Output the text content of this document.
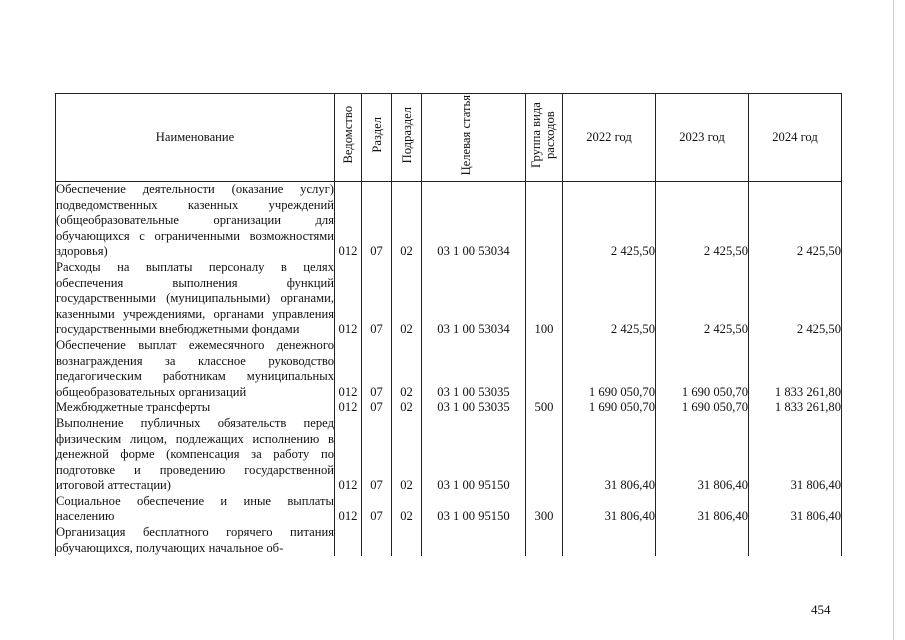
Наименование	Ведомство	Раздел	Подраздел	Целевая статья	Группа вида расходов	2022 год	2023 год	2024 год
Обеспечение деятельности (оказание услуг) подведомственных казенных учреждений (общеобразовательные организации для обучающихся с ограниченными возможностями здоровья)	012	07	02	03 1 00 53034		2 425,50	2 425,50	2 425,50
Расходы на выплаты персоналу в целях обеспечения выполнения функций государственными (муниципальными) органами, казенными учреждениями, органами управления государственными внебюджетными фондами	012	07	02	03 1 00 53034	100	2 425,50	2 425,50	2 425,50
Обеспечение выплат ежемесячного денежного вознаграждения за классное руководство педагогическим работникам муниципальных общеобразовательных организаций	012	07	02	03 1 00 53035		1 690 050,70	1 690 050,70	1 833 261,80
Межбюджетные трансферты	012	07	02	03 1 00 53035	500	1 690 050,70	1 690 050,70	1 833 261,80
Выполнение публичных обязательств перед физическим лицом, подлежащих исполнению в денежной форме (компенсация за работу по подготовке и проведению государственной итоговой аттестации)	012	07	02	03 1 00 95150		31 806,40	31 806,40	31 806,40
Социальное обеспечение и иные выплаты населению	012	07	02	03 1 00 95150	300	31 806,40	31 806,40	31 806,40
Организация бесплатного горячего питания обучающихся, получающих начальное об-								
454
